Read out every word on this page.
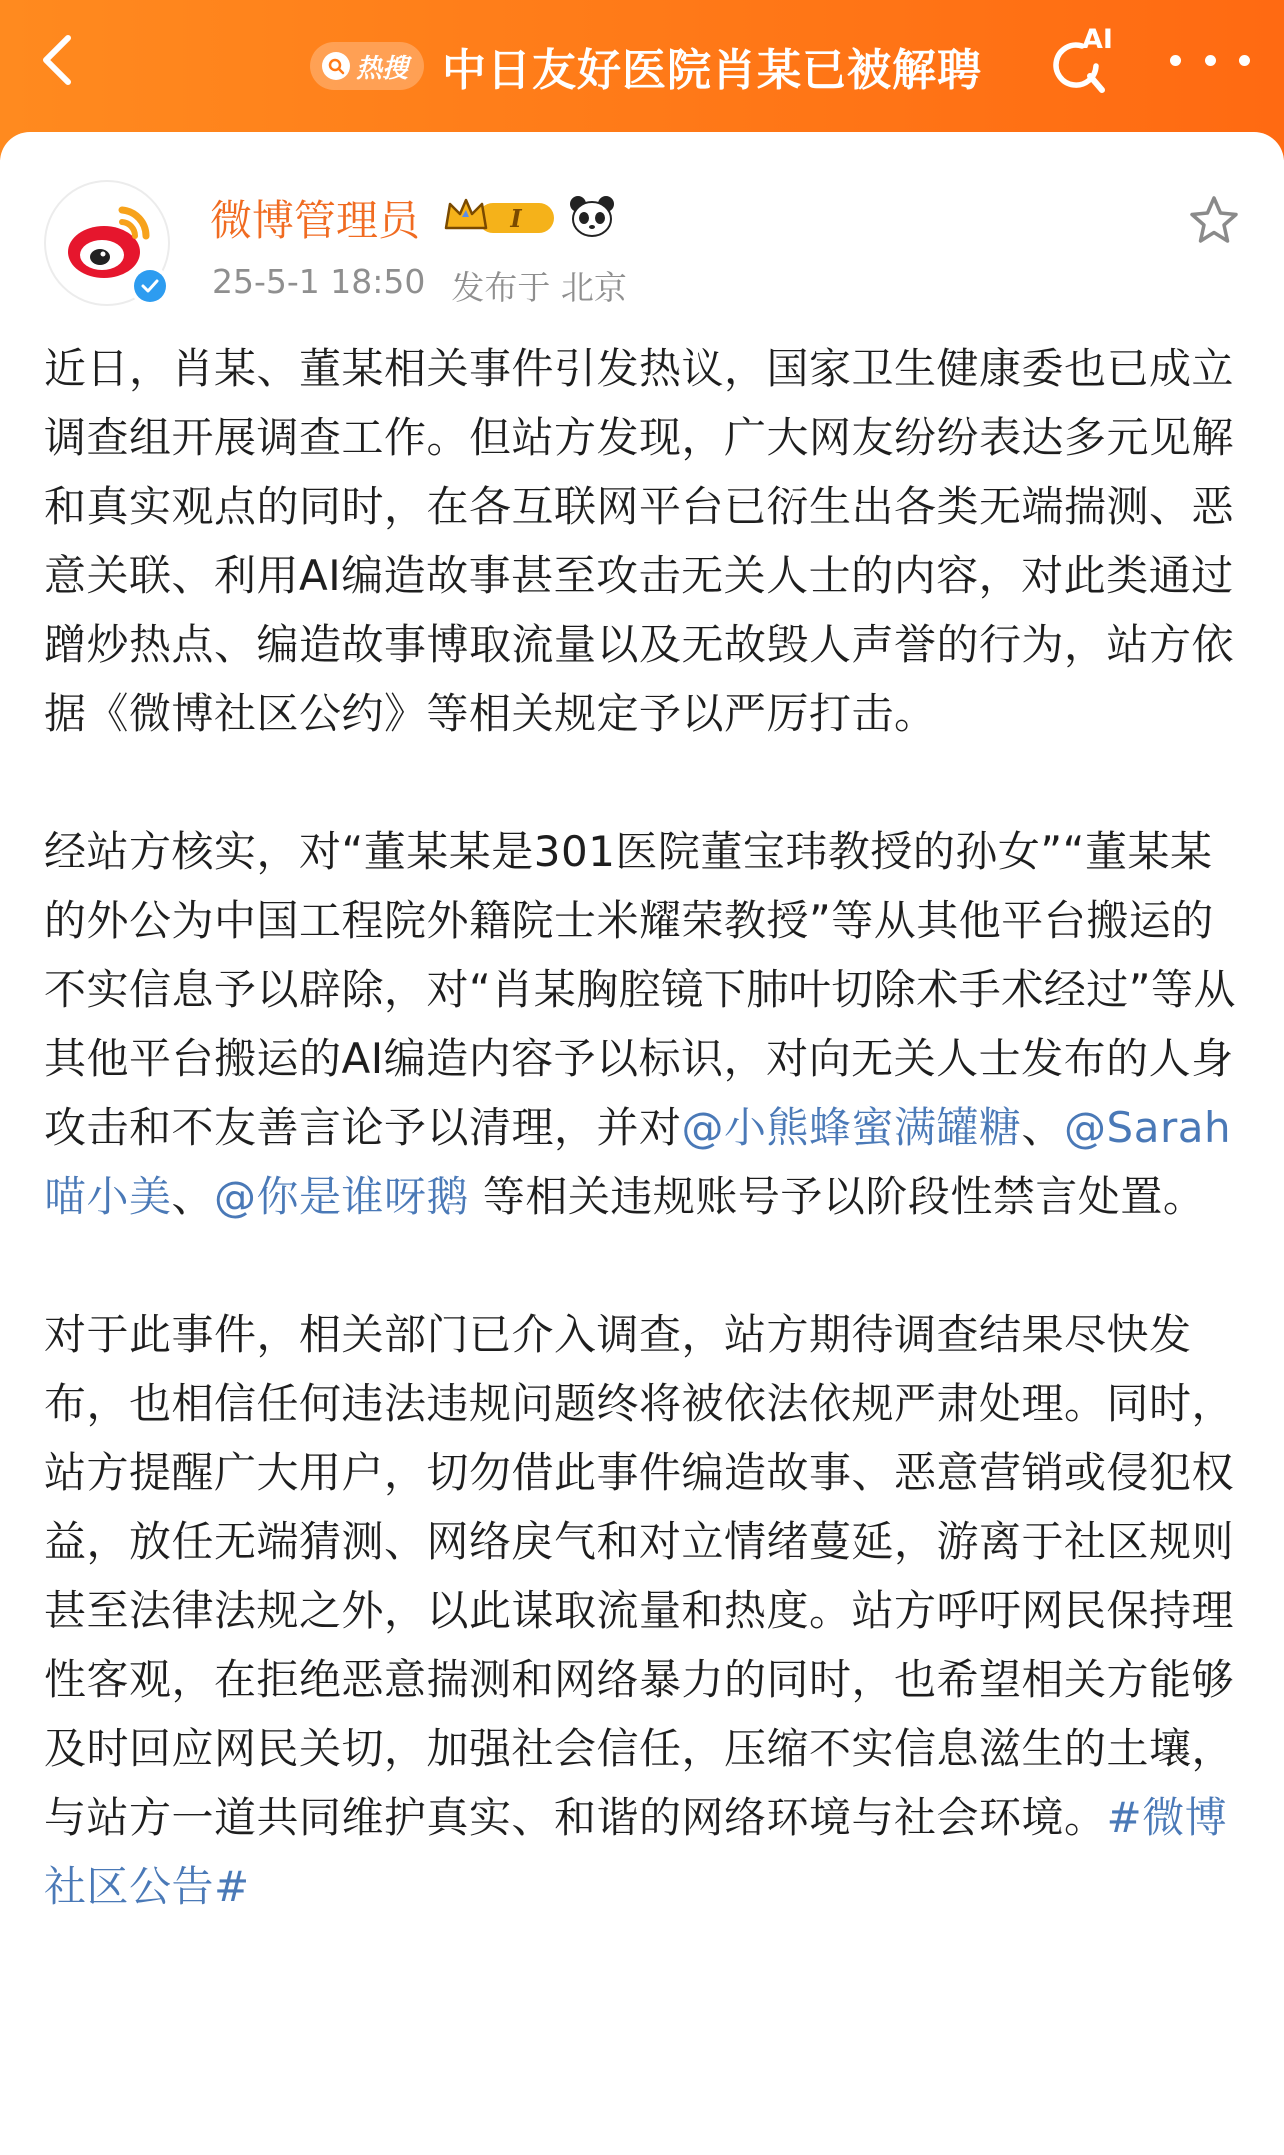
热搜 中日友好医院肖某已被解聘
AI
微博管理员	I
25-5-1 18:50 发布于 北京

近日，肖某、董某相关事件引发热议，国家卫生健康委也已成立调查组开展调查工作。但站方发现，广大网友纷纷表达多元见解和真实观点的同时，在各互联网平台已衍生出各类无端揣测、恶意关联、利用AI编造故事甚至攻击无关人士的内容，对此类通过蹭炒热点、编造故事博取流量以及无故毁人声誉的行为，站方依据《微博社区公约》等相关规定予以严厉打击。

经站方核实，对“董某某是301医院董宝玮教授的孙女”“董某某的外公为中国工程院外籍院士米耀荣教授”等从其他平台搬运的不实信息予以辟除，对“肖某胸腔镜下肺叶切除术手术经过”等从其他平台搬运的AI编造内容予以标识，对向无关人士发布的人身攻击和不友善言论予以清理，并对@小熊蜂蜜满罐糖、@Sarah喵小美、@你是谁呀鹅 等相关违规账号予以阶段性禁言处置。

对于此事件，相关部门已介入调查，站方期待调查结果尽快发布，也相信任何违法违规问题终将被依法依规严肃处理。同时，站方提醒广大用户，切勿借此事件编造故事、恶意营销或侵犯权益，放任无端猜测、网络戾气和对立情绪蔓延，游离于社区规则甚至法律法规之外，以此谋取流量和热度。站方呼吁网民保持理性客观，在拒绝恶意揣测和网络暴力的同时，也希望相关方能够及时回应网民关切，加强社会信任，压缩不实信息滋生的土壤，与站方一道共同维护真实、和谐的网络环境与社会环境。#微博社区公告#
